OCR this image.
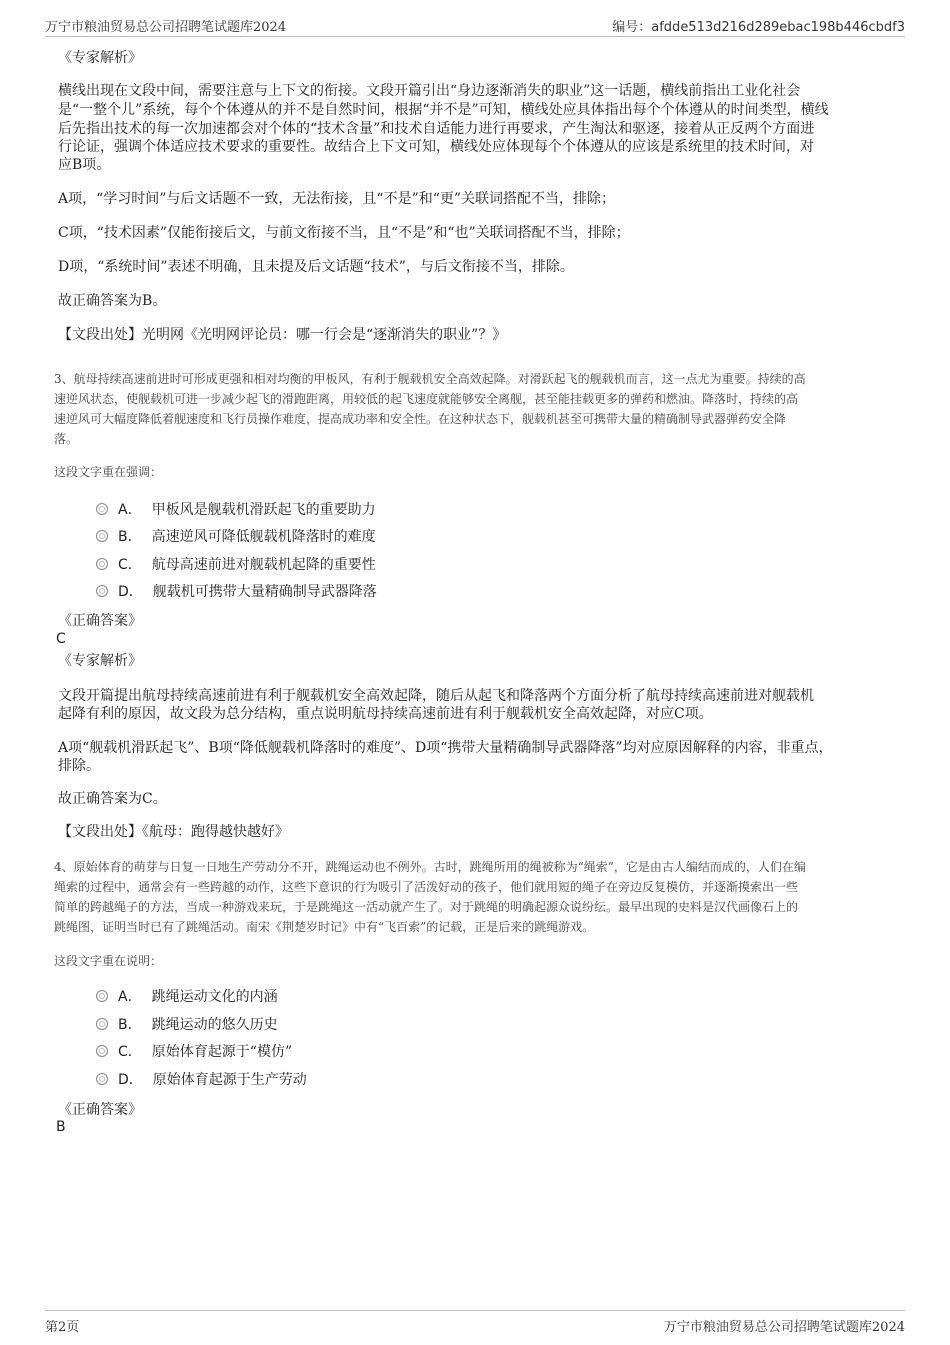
万宁市粮油贸易总公司招聘笔试题库2024	编号：afdde513d216d289ebac198b446cbdf3
《专家解析》
横线出现在文段中间，需要注意与上下文的衔接。文段开篇引出“身边逐渐消失的职业”这一话题，横线前指出工业化社会
是“一整个儿”系统，每个个体遵从的并不是自然时间，根据“并不是”可知，横线处应具体指出每个个体遵从的时间类型，横线
后先指出技术的每一次加速都会对个体的“技术含量”和技术自适能力进行再要求，产生淘汰和驱逐，接着从正反两个方面进
行论证，强调个体适应技术要求的重要性。故结合上下文可知，横线处应体现每个个体遵从的应该是系统里的技术时间，对
应B项。
A项，“学习时间”与后文话题不一致，无法衔接，且“不是”和“更”关联词搭配不当，排除；
C项，“技术因素”仅能衔接后文，与前文衔接不当，且“不是”和“也”关联词搭配不当，排除；
D项，“系统时间”表述不明确，且未提及后文话题“技术”，与后文衔接不当，排除。
故正确答案为B。
【文段出处】光明网《光明网评论员：哪一行会是“逐渐消失的职业”？》
3、航母持续高速前进时可形成更强和相对均衡的甲板风，有利于舰载机安全高效起降。对滑跃起飞的舰载机而言，这一点尤为重要。持续的高
速逆风状态，使舰载机可进一步减少起飞的滑跑距离，用较低的起飞速度就能够安全离舰，甚至能挂载更多的弹药和燃油。降落时，持续的高
速逆风可大幅度降低着舰速度和飞行员操作难度，提高成功率和安全性。在这种状态下，舰载机甚至可携带大量的精确制导武器弹药安全降
落。
这段文字重在强调：
A． 甲板风是舰载机滑跃起飞的重要助力
B． 高速逆风可降低舰载机降落时的难度
C． 航母高速前进对舰载机起降的重要性
D． 舰载机可携带大量精确制导武器降落
《正确答案》
C
《专家解析》
文段开篇提出航母持续高速前进有利于舰载机安全高效起降，随后从起飞和降落两个方面分析了航母持续高速前进对舰载机
起降有利的原因，故文段为总分结构，重点说明航母持续高速前进有利于舰载机安全高效起降，对应C项。
A项“舰载机滑跃起飞”、B项“降低舰载机降落时的难度”、D项“携带大量精确制导武器降落”均对应原因解释的内容，非重点，
排除。
故正确答案为C。
【文段出处】《航母：跑得越快越好》
4、原始体育的萌芽与日复一日地生产劳动分不开，跳绳运动也不例外。古时，跳绳所用的绳被称为“绳索”，它是由古人编结而成的，人们在编
绳索的过程中，通常会有一些跨越的动作，这些下意识的行为吸引了活泼好动的孩子，他们就用短的绳子在旁边反复模仿，并逐渐摸索出一些
简单的跨越绳子的方法，当成一种游戏来玩，于是跳绳这一活动就产生了。对于跳绳的明确起源众说纷纭。最早出现的史料是汉代画像石上的
跳绳图，证明当时已有了跳绳活动。南宋《荆楚岁时记》中有“飞百索”的记载，正是后来的跳绳游戏。
这段文字重在说明：
A． 跳绳运动文化的内涵
B． 跳绳运动的悠久历史
C． 原始体育起源于“模仿”
D． 原始体育起源于生产劳动
《正确答案》
B
第2页	万宁市粮油贸易总公司招聘笔试题库2024
